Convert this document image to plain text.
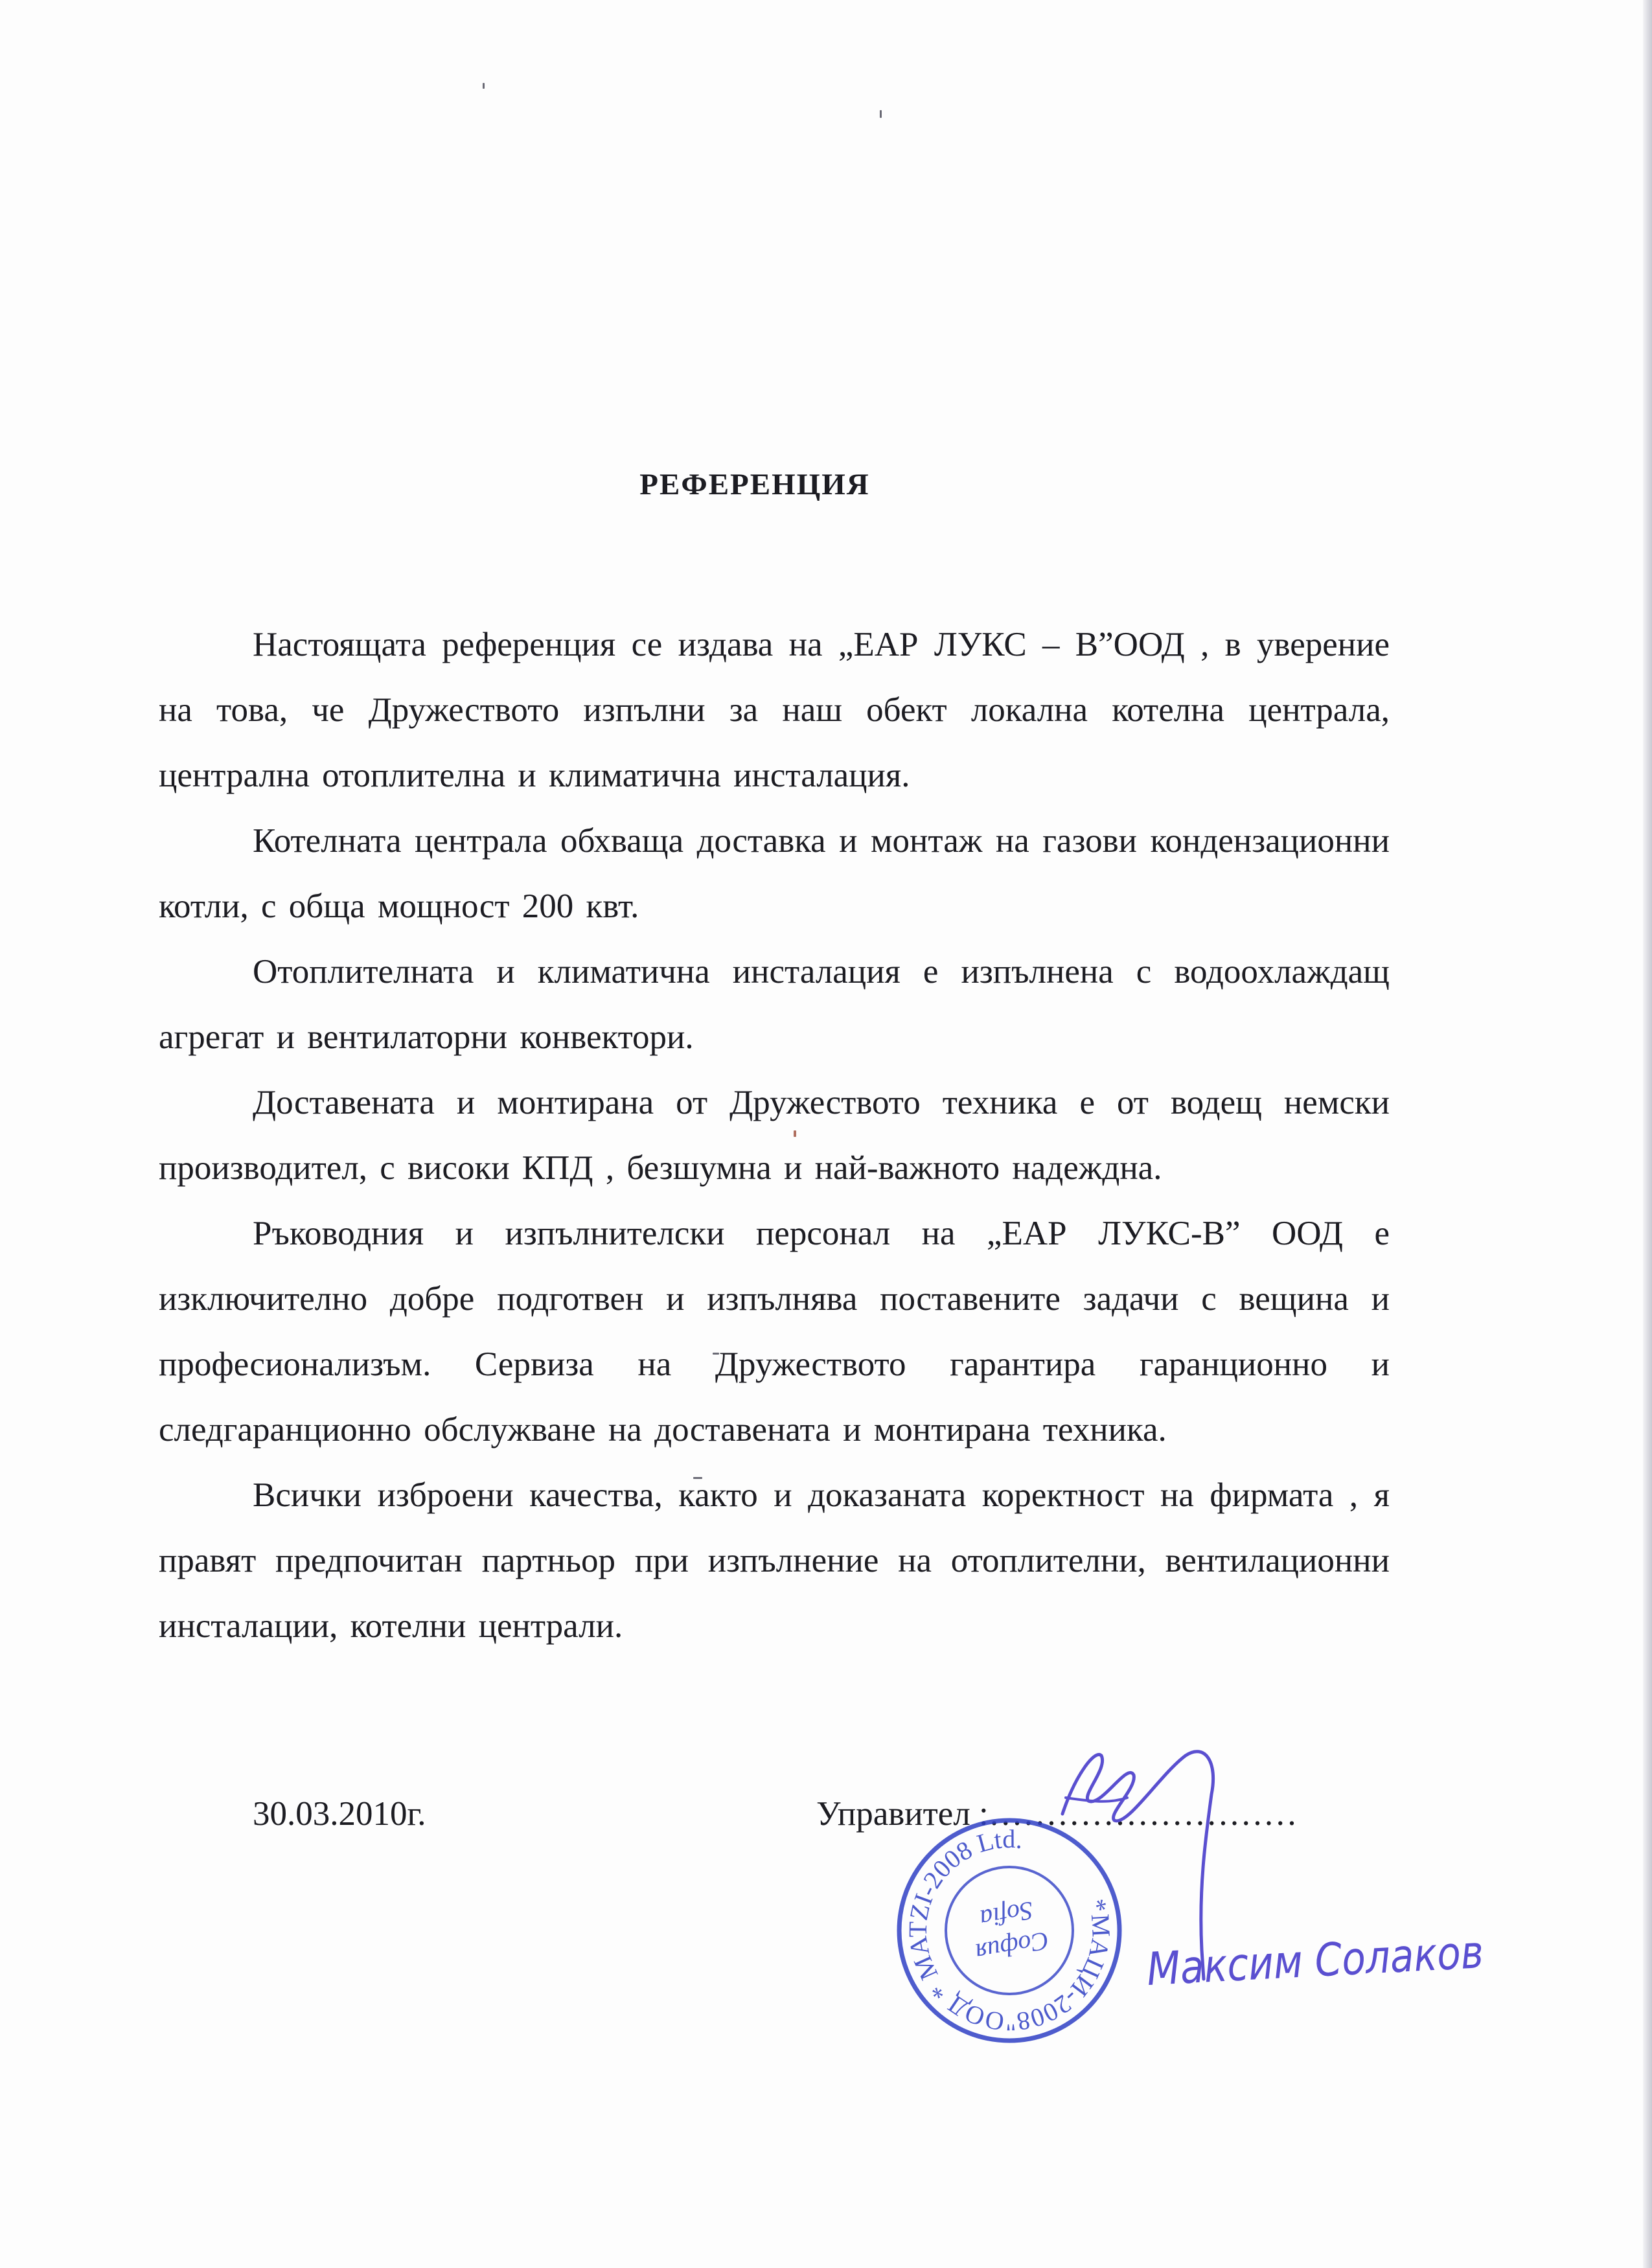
РЕФЕРЕНЦИЯ

Настоящата референция се издава на „ЕАР ЛУКС – В”ООД , в уверение на това, че Дружеството изпълни за наш обект локална котелна централа, централна отоплителна и климатична инсталация.

Котелната централа обхваща доставка и монтаж на газови кондензационни котли, с обща мощност 200 квт.

Отоплителната и климатична инсталация е изпълнена с водоохлаждащ агрегат и вентилаторни конвектори.

Доставената и монтирана от Дружеството техника е от водещ немски производител, с високи КПД , безшумна и най-важното надеждна.

Ръководния и изпълнителски персонал на „ЕАР ЛУКС-В” ООД е изключително добре подготвен и изпълнява поставените задачи с вещина и професионализъм. Сервиза на Дружеството гарантира гаранционно и следгаранционно обслужване на доставената и монтирана техника.

Всички изброени качества, както и доказаната коректност на фирмата , я правят предпочитан партньор при изпълнение на отоплителни, вентилационни инсталации, котелни централи.

30.03.2010г.	Управител :………………………
*МАЦИ-2008"ООД * МАТZI-2008 Ltd.
София
Sofia
Максим Солаков
